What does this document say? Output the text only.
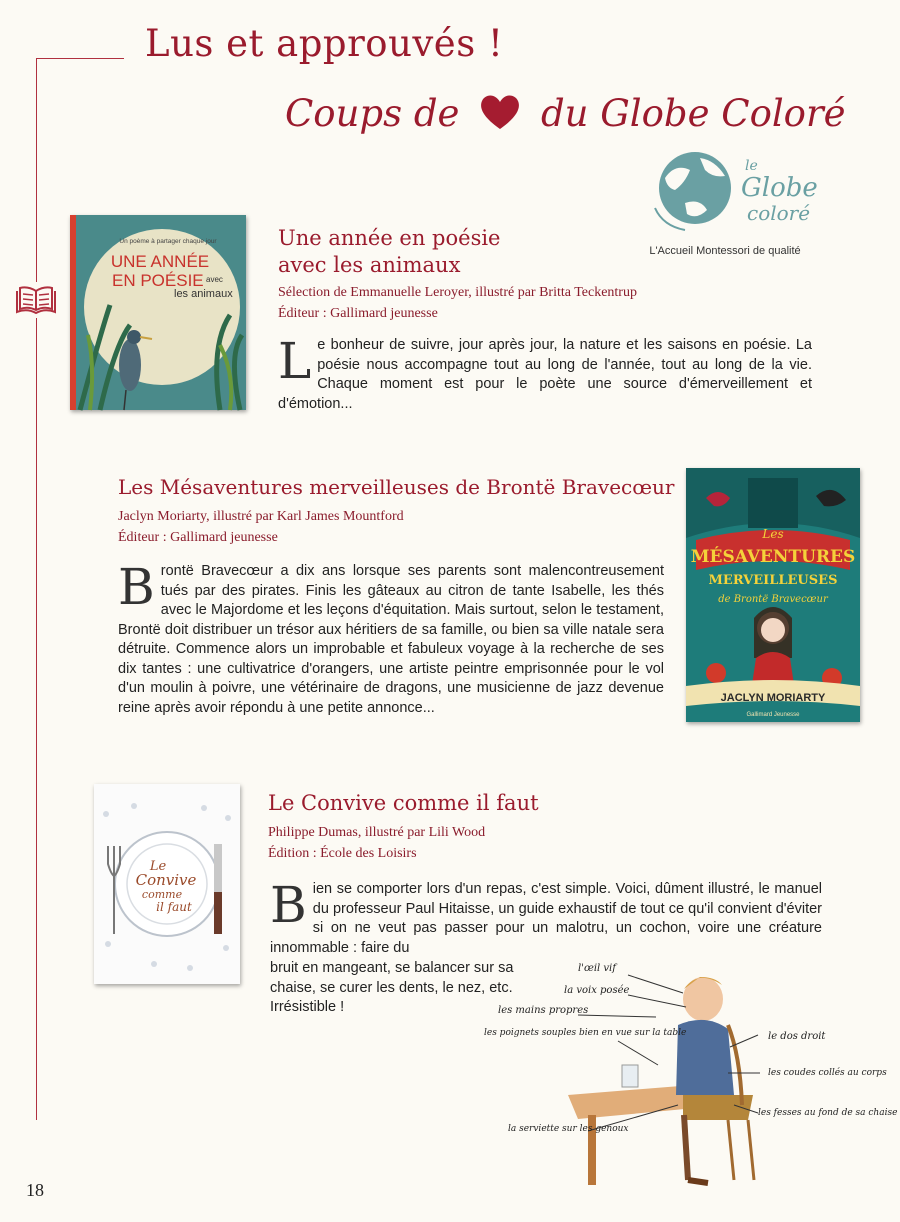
Lus et approuvés !
Coups de du Globe Coloré
le
Globe
coloré
L'Accueil Montessori de qualité
Un poème à partager chaque jour
UNE ANNÉE
EN POÉSIE avec
les animaux
Une année en poésie
avec les animaux
Sélection de Emmanuelle Leroyer, illustré par Britta Teckentrup
Éditeur : Gallimard jeunesse
Le bonheur de suivre, jour après jour, la nature et les saisons en poésie. La poésie nous accompagne tout au long de l'année, tout au long de la vie. Chaque moment est pour le poète une source d'émerveillement et d'émotion...
Les Mésaventures merveilleuses de Brontë Bravecœur
Jaclyn Moriarty, illustré par Karl James Mountford
Éditeur : Gallimard jeunesse
Brontë Bravecœur a dix ans lorsque ses parents sont malencontreusement tués par des pirates. Finis les gâteaux au citron de tante Isabelle, les thés avec le Majordome et les leçons d'équitation. Mais surtout, selon le testament, Brontë doit distribuer un trésor aux héritiers de sa famille, ou bien sa ville natale sera détruite. Commence alors un improbable et fabuleux voyage à la recherche de ses dix tantes : une cultivatrice d'orangers, une artiste peintre emprisonnée pour le vol d'un moulin à poivre, une vétérinaire de dragons, une musicienne de jazz devenue reine après avoir répondu à une petite annonce...
Les
MÉSAVENTURES
MERVEILLEUSES
de Brontë Bravecœur
JACLYN MORIARTY
Gallimard Jeunesse
Le
Convive
comme
il faut
Le Convive comme il faut
Philippe Dumas, illustré par Lili Wood
Édition : École des Loisirs
Bien se comporter lors d'un repas, c'est simple. Voici, dûment illustré, le manuel du professeur Paul Hitaisse, un guide exhaustif de tout ce qu'il convient d'éviter si on ne veut pas passer pour un malotru, un cochon, voire une créature innommable : faire du
bruit en mangeant, se balancer sur sa chaise, se curer les dents, le nez, etc. Irrésistible !
l'œil vif
la voix posée
les mains propres
les poignets souples bien en vue sur la table	le dos droit
les coudes collés au corps
les fesses au fond de sa chaise
la serviette sur les genoux
18
